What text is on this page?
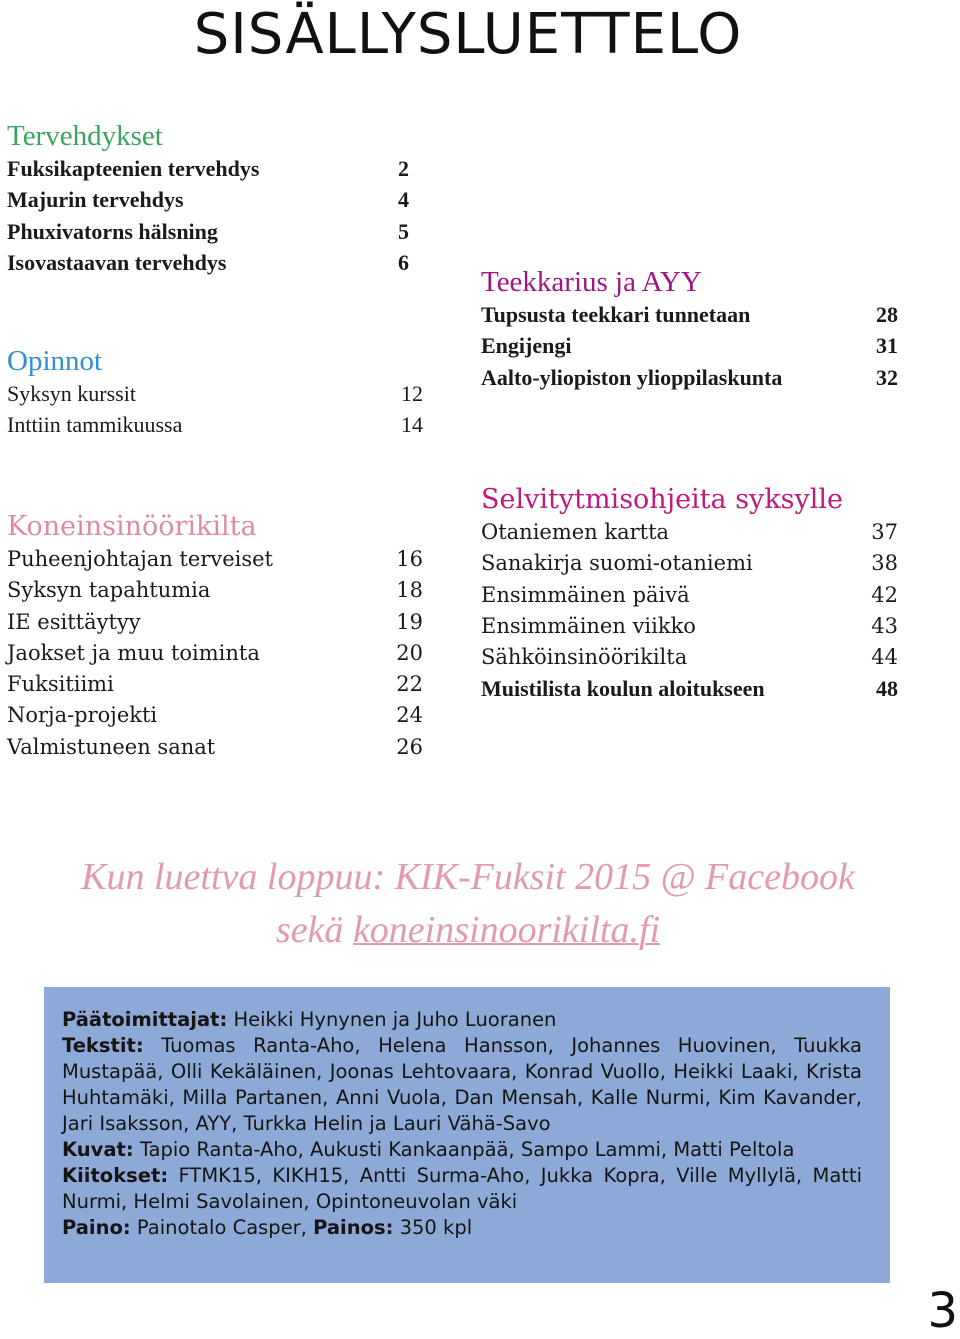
SISÄLLYSLUETTELO
Tervehdykset
Fuksikapteenien tervehdys	2
Majurin tervehdys	4
Phuxivatorns hälsning	5
Isovastaavan tervehdys	6
Opinnot
Syksyn kurssit	12
Inttiin tammikuussa	14
Teekkarius ja AYY
Tupsusta teekkari tunnetaan	28
Engijengi	31
Aalto-yliopiston ylioppilaskunta	32
Koneinsinöörikilta
Puheenjohtajan terveiset	16
Syksyn tapahtumia	18
IE esittäytyy	19
Jaokset ja muu toiminta	20
Fuksitiimi	22
Norja-projekti	24
Valmistuneen sanat	26
Selvitytmisohjeita syksylle
Otaniemen kartta	37
Sanakirja suomi-otaniemi	38
Ensimmäinen päivä	42
Ensimmäinen viikko	43
Sähköinsinöörikilta	44
Muistilista koulun aloitukseen	48
Kun luettva loppuu: KIK-Fuksit 2015 @ Facebook
sekä koneinsinoorikilta.fi

Päätoimittajat: Heikki Hynynen ja Juho Luoranen

Tekstit: Tuomas Ranta-Aho, Helena Hansson, Johannes Huovinen, Tuukka Mustapää, Olli Kekäläinen, Joonas Lehtovaara, Konrad Vuollo, Heikki Laaki, Krista Huhtamäki, Milla Partanen, Anni Vuola, Dan Mensah, Kalle Nurmi, Kim Kavander, Jari Isaksson, AYY, Turkka Helin ja Lauri Vähä-Savo

Kuvat: Tapio Ranta-Aho, Aukusti Kankaanpää, Sampo Lammi, Matti Peltola

Kiitokset: FTMK15, KIKH15, Antti Surma-Aho, Jukka Kopra, Ville Myllylä, Matti Nurmi, Helmi Savolainen, Opintoneuvolan väki

Paino: Painotalo Casper, Painos: 350 kpl

3
